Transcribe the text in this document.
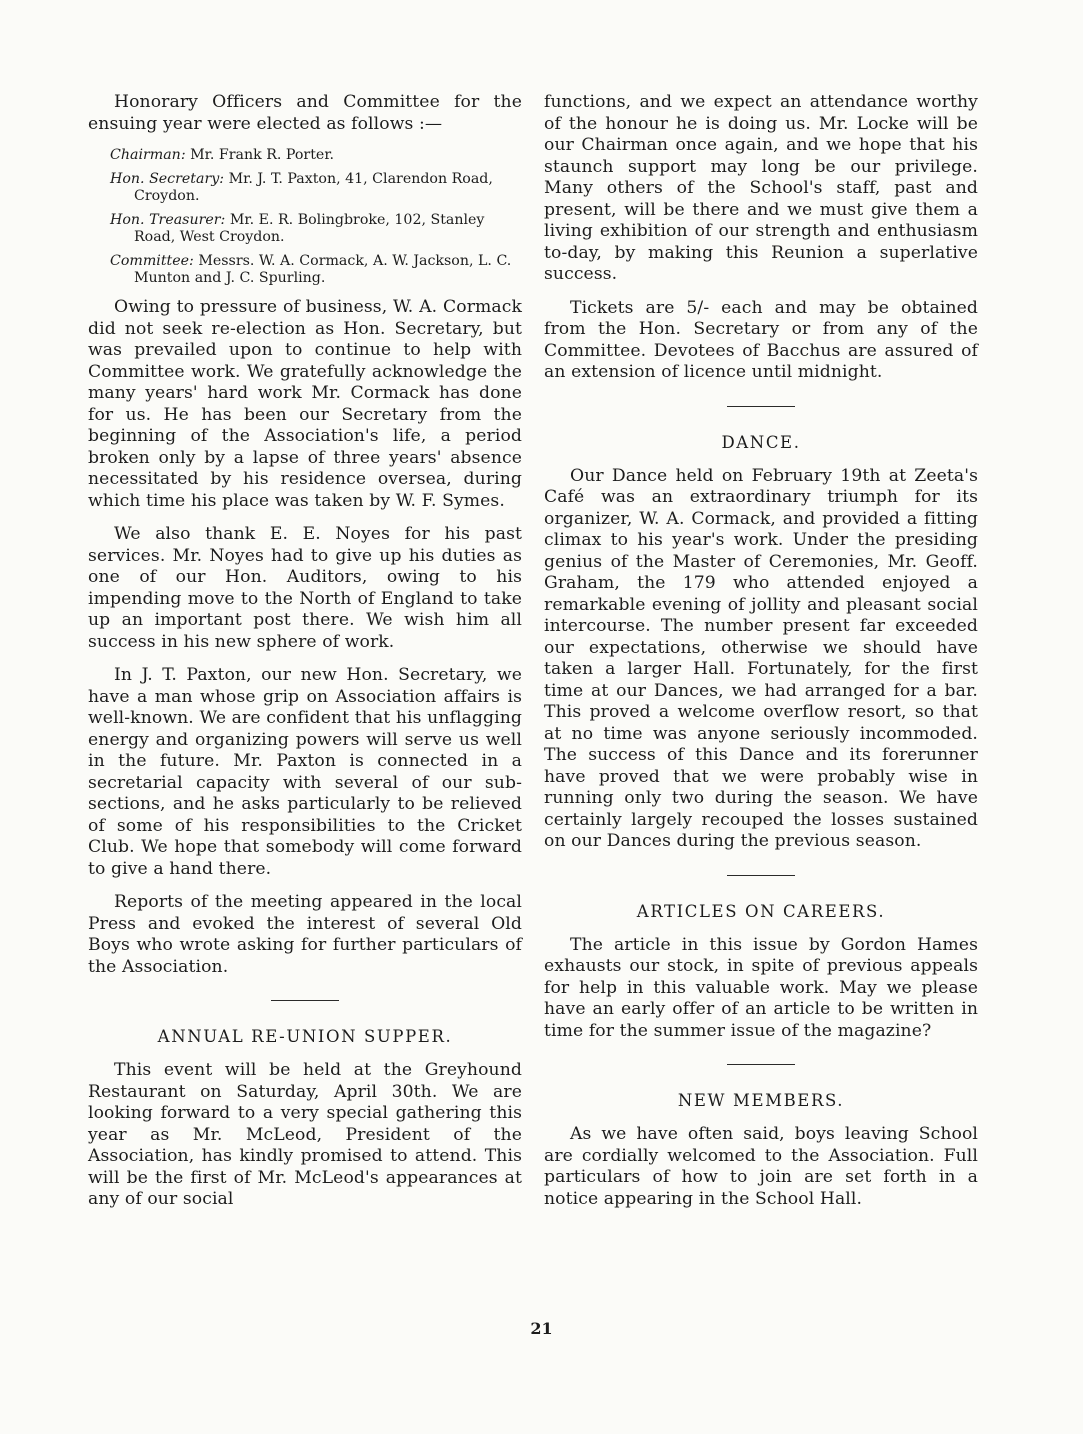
Honorary Officers and Committee for the ensuing year were elected as follows :—

Chairman: Mr. Frank R. Porter.
Hon. Secretary: Mr. J. T. Paxton, 41, Clarendon Road, Croydon.
Hon. Treasurer: Mr. E. R. Bolingbroke, 102, Stanley Road, West Croydon.
Committee: Messrs. W. A. Cormack, A. W. Jackson, L. C. Munton and J. C. Spurling.

Owing to pressure of business, W. A. Cormack did not seek re-election as Hon. Secretary, but was prevailed upon to continue to help with Committee work. We gratefully acknowledge the many years' hard work Mr. Cormack has done for us. He has been our Secretary from the beginning of the Association's life, a period broken only by a lapse of three years' absence necessitated by his residence oversea, during which time his place was taken by W. F. Symes.

We also thank E. E. Noyes for his past services. Mr. Noyes had to give up his duties as one of our Hon. Auditors, owing to his impending move to the North of England to take up an important post there. We wish him all success in his new sphere of work.

In J. T. Paxton, our new Hon. Secretary, we have a man whose grip on Association affairs is well-known. We are confident that his unflagging energy and organizing powers will serve us well in the future. Mr. Paxton is connected in a secretarial capacity with several of our sub-sections, and he asks particularly to be relieved of some of his responsibilities to the Cricket Club. We hope that somebody will come forward to give a hand there.

Reports of the meeting appeared in the local Press and evoked the interest of several Old Boys who wrote asking for further particulars of the Association.

ANNUAL RE-UNION SUPPER.

This event will be held at the Greyhound Restaurant on Saturday, April 30th. We are looking forward to a very special gathering this year as Mr. McLeod, President of the Association, has kindly promised to attend. This will be the first of Mr. McLeod's appearances at any of our social

functions, and we expect an attendance worthy of the honour he is doing us. Mr. Locke will be our Chairman once again, and we hope that his staunch support may long be our privilege. Many others of the School's staff, past and present, will be there and we must give them a living exhibition of our strength and enthusiasm to-day, by making this Reunion a superlative success.

Tickets are 5/- each and may be obtained from the Hon. Secretary or from any of the Committee. Devotees of Bacchus are assured of an extension of licence until midnight.

DANCE.

Our Dance held on February 19th at Zeeta's Café was an extraordinary triumph for its organizer, W. A. Cormack, and provided a fitting climax to his year's work. Under the presiding genius of the Master of Ceremonies, Mr. Geoff. Graham, the 179 who attended enjoyed a remarkable evening of jollity and pleasant social intercourse. The number present far exceeded our expectations, otherwise we should have taken a larger Hall. Fortunately, for the first time at our Dances, we had arranged for a bar. This proved a welcome overflow resort, so that at no time was anyone seriously incommoded. The success of this Dance and its forerunner have proved that we were probably wise in running only two during the season. We have certainly largely recouped the losses sustained on our Dances during the previous season.

ARTICLES ON CAREERS.

The article in this issue by Gordon Hames exhausts our stock, in spite of previous appeals for help in this valuable work. May we please have an early offer of an article to be written in time for the summer issue of the magazine?

NEW MEMBERS.

As we have often said, boys leaving School are cordially welcomed to the Association. Full particulars of how to join are set forth in a notice appearing in the School Hall.

21
